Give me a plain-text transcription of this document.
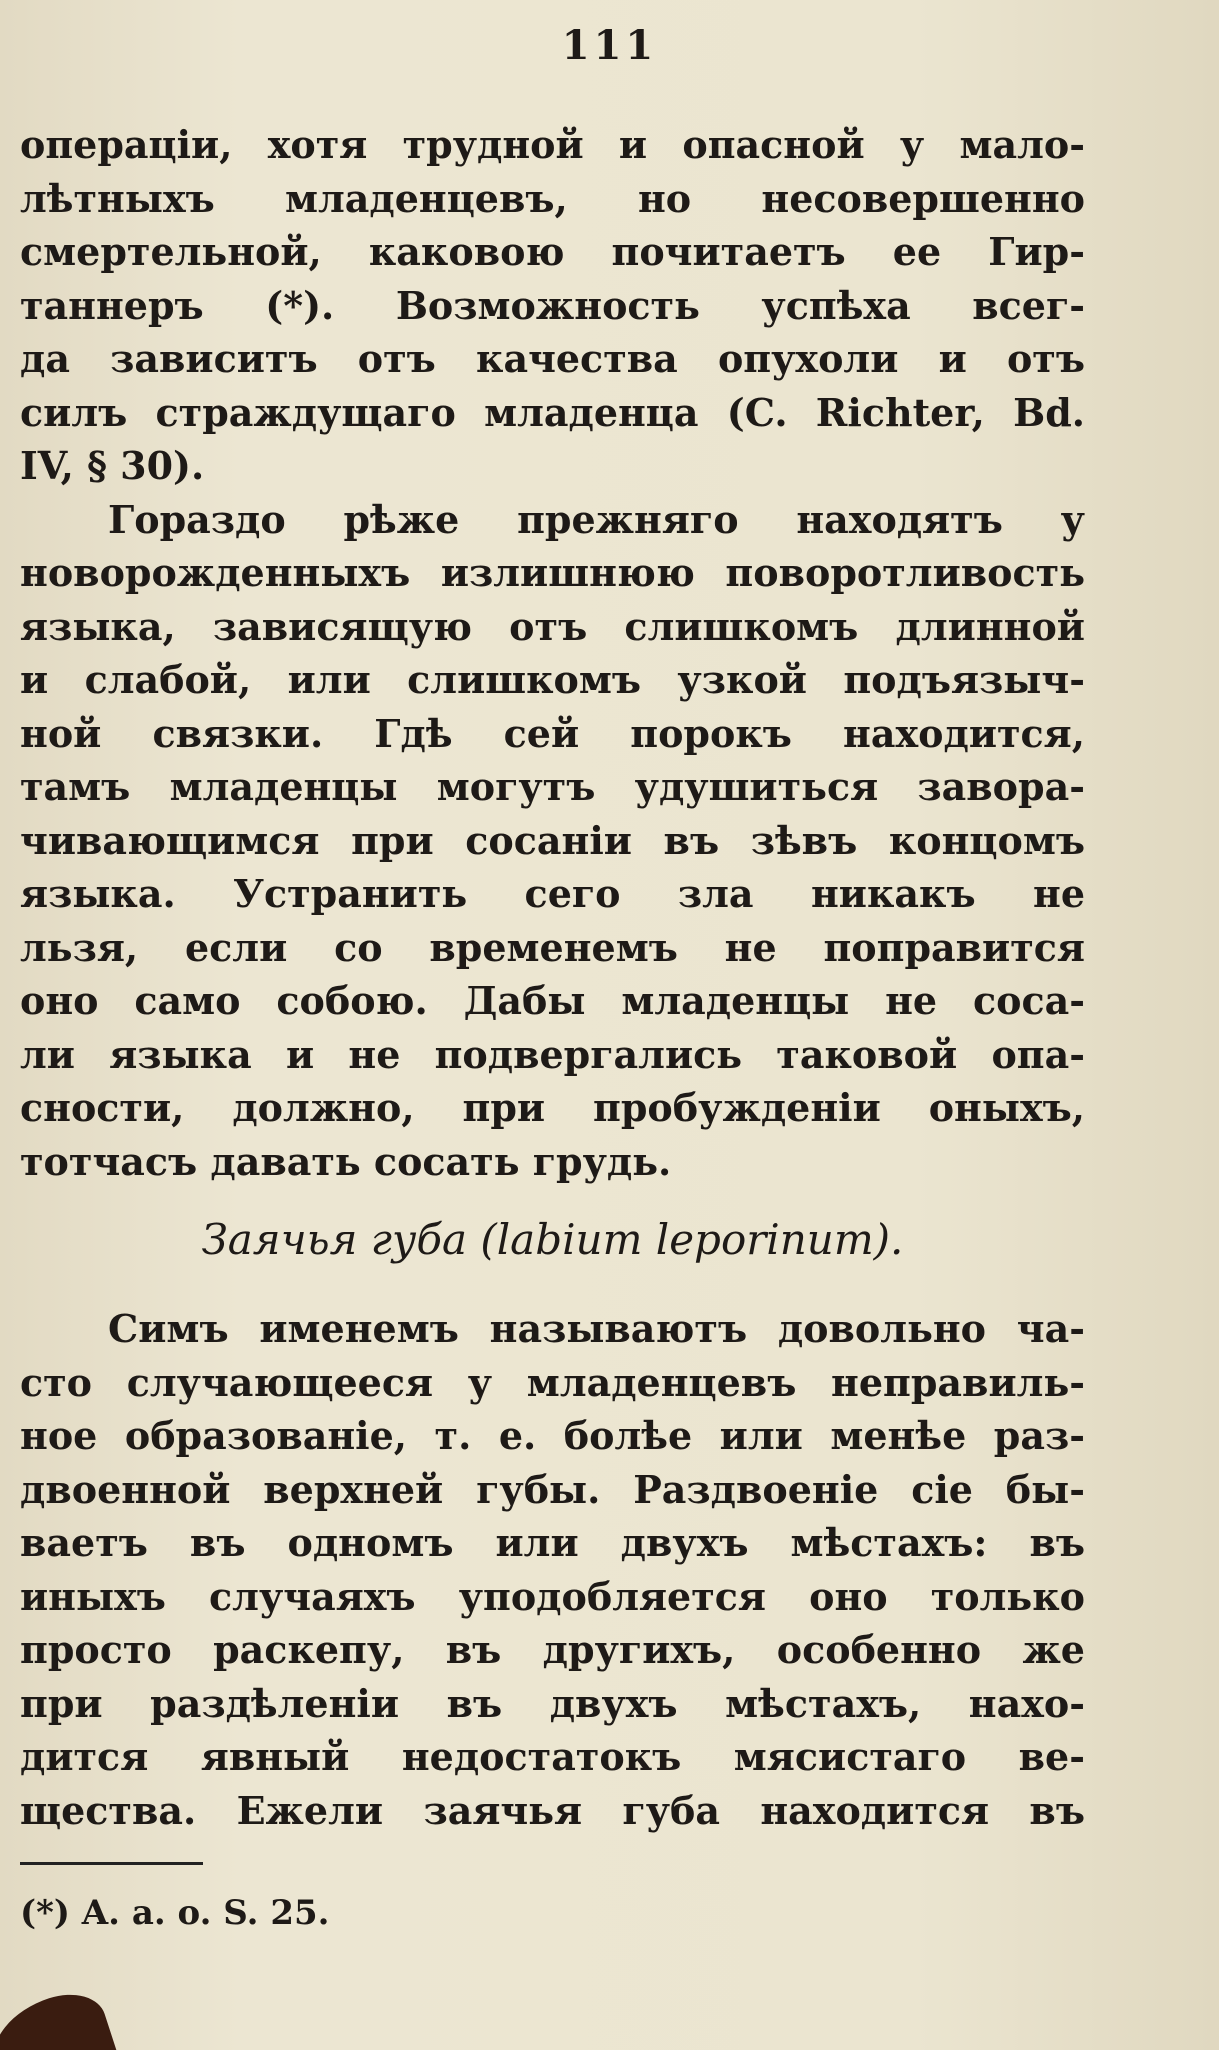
111
операціи, хотя трудной и опасной у мало-
лѣтныхъ младенцевъ, но несовершенно
смертельной, каковою почитаетъ ее Гир-
таннеръ (*). Возможность успѣха всег-
да зависитъ отъ качества опухоли и отъ
силъ страждущаго младенца (C. Richter, Bd.
IV, § 30).
Гораздо рѣже прежняго находятъ у
новорожденныхъ излишнюю поворотливость
языка, зависящую отъ слишкомъ длинной
и слабой, или слишкомъ узкой подъязыч-
ной связки. Гдѣ сей порокъ находится,
тамъ младенцы могутъ удушиться завора-
чивающимся при сосаніи въ зѣвъ концомъ
языка. Устранить сего зла никакъ не
льзя, если со временемъ не поправится
оно само собою. Дабы младенцы не соса-
ли языка и не подвергались таковой опа-
сности, должно, при пробужденіи оныхъ,
тотчасъ давать сосать грудь.
Заячья губа (labium leporinum).
Симъ именемъ называютъ довольно ча-
сто случающееся у младенцевъ неправиль-
ное образованіе, т. е. болѣе или менѣе раз-
двоенной верхней губы. Раздвоеніе сіе бы-
ваетъ въ одномъ или двухъ мѣстахъ: въ
иныхъ случаяхъ уподобляется оно только
просто раскепу, въ другихъ, особенно же
при раздѣленіи въ двухъ мѣстахъ, нахо-
дится явный недостатокъ мясистаго ве-
щества. Ежели заячья губа находится въ
(*) A. a. o. S. 25.
